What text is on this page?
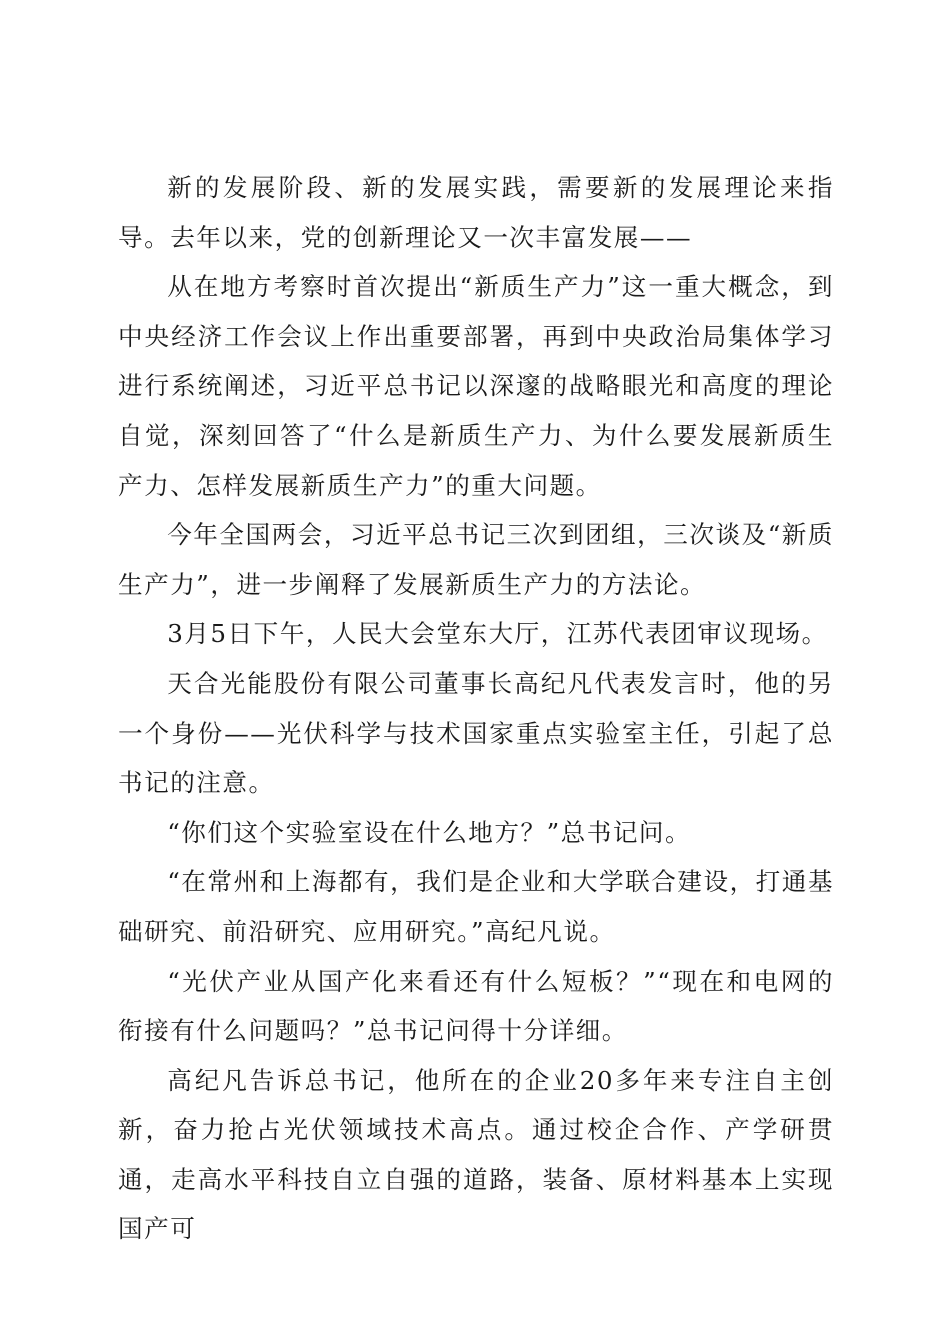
新的发展阶段、新的发展实践，需要新的发展理论来指导。去年以来，党的创新理论又一次丰富发展——

从在地方考察时首次提出“新质生产力”这一重大概念，到中央经济工作会议上作出重要部署，再到中央政治局集体学习进行系统阐述，习近平总书记以深邃的战略眼光和高度的理论自觉，深刻回答了“什么是新质生产力、为什么要发展新质生产力、怎样发展新质生产力”的重大问题。

今年全国两会，习近平总书记三次到团组，三次谈及“新质生产力”，进一步阐释了发展新质生产力的方法论。

3月5日下午，人民大会堂东大厅，江苏代表团审议现场。

天合光能股份有限公司董事长高纪凡代表发言时，他的另一个身份——光伏科学与技术国家重点实验室主任，引起了总书记的注意。

“你们这个实验室设在什么地方？”总书记问。

“在常州和上海都有，我们是企业和大学联合建设，打通基础研究、前沿研究、应用研究。”高纪凡说。

“光伏产业从国产化来看还有什么短板？”“现在和电网的衔接有什么问题吗？”总书记问得十分详细。

高纪凡告诉总书记，他所在的企业20多年来专注自主创新，奋力抢占光伏领域技术高点。通过校企合作、产学研贯通，走高水平科技自立自强的道路，装备、原材料基本上实现国产可
